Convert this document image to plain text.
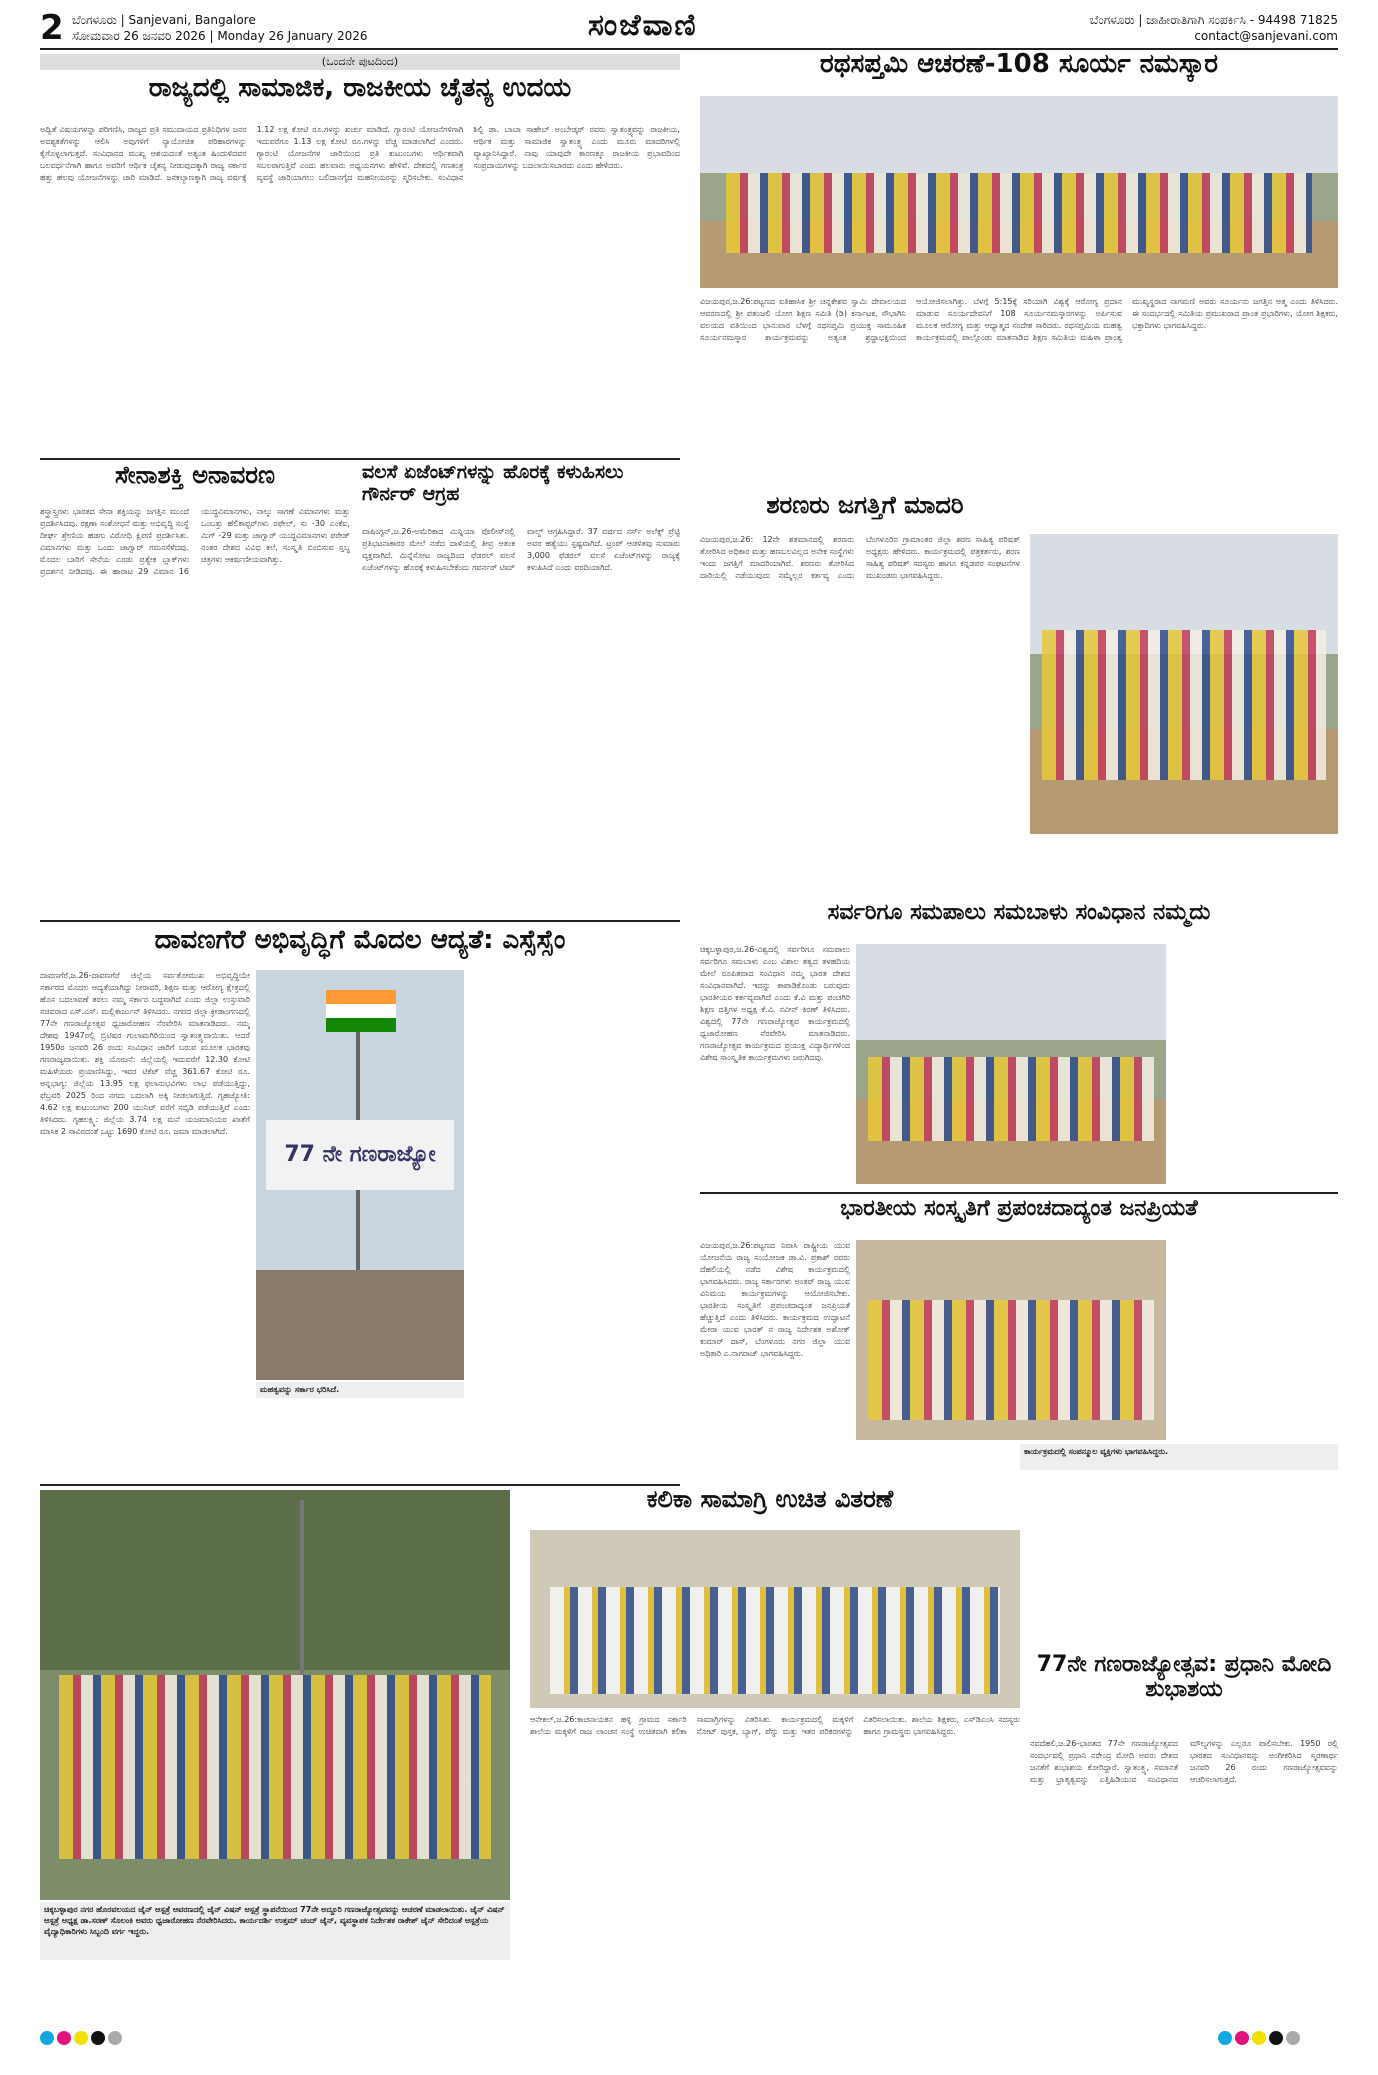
2 ಬೆಂಗಳೂರು | Sanjevani, Bangalore
ಸೋಮವಾರ 26 ಜನವರಿ 2026 | Monday 26 January 2026	ಸಂಜೆವಾಣಿ	ಬೆಂಗಳೂರು | ಜಾಹೀರಾತಿಗಾಗಿ ಸಂಪರ್ಕಿಸಿ - 94498 71825
contact@sanjevani.com
(ಒಂದನೇ ಪುಟದಿಂದ)
ರಾಜ್ಯದಲ್ಲಿ ಸಾಮಾಜಿಕ, ರಾಜಕೀಯ ಚೈತನ್ಯ ಉದಯ
ಅದ್ವಿತೆ ವಿಷಯಗಳನ್ನಾ ಪರಿಗಣಿಸಿ, ರಾಜ್ಯದ ಪ್ರತಿ ಸಮುದಾಯದ ಪ್ರತಿನಿಧಿಗಳ ಜನರ ಅವಶ್ಯಕತೆಗಳನ್ನು ಆಲಿಸಿ ಅವುಗಳಿಗೆ ನ್ಯಾಯೋಚಿತ ಪರಿಹಾರಗಳನ್ನು ಕೈಗೊಳ್ಳಲಾಗುತ್ತದೆ. ಸಂವಿಧಾನದ ಮುಖ್ಯ ಆಶಯದಂತೆ ಅತ್ಯಂತ ಹಿಂದುಳಿದವರ ಬಲವರ್ಧನೆಗಾಗಿ ಹಾಗೂ ಅವರಿಗೆ ಆರ್ಥಿಕ ಚೈತನ್ಯ ನೀಡುವುದಕ್ಕಾಗಿ ರಾಜ್ಯ ಸರ್ಕಾರ ಹತ್ತು ಹಲವು ಯೋಜನೆಗಳನ್ನು ಜಾರಿ ಮಾಡಿದೆ. ಜನಕಲ್ಯಾಣಕ್ಕಾಗಿ ರಾಜ್ಯ ವರ್ಷಕ್ಕೆ 1.12 ಲಕ್ಷ ಕೋಟಿ ರೂ.ಗಳನ್ನು ಖರ್ಚು ಮಾಡಿದೆ. ಗ್ಯಾರಂಟಿ ಯೋಜನೆಗಳಿಗಾಗಿ ಇದುವರೆಗೂ 1.13 ಲಕ್ಷ ಕೋಟಿ ರೂ.ಗಳನ್ನು ವೆಚ್ಚ ಮಾಡಲಾಗಿದೆ ಎಂದರು. ಗ್ಯಾರಂಟಿ ಯೋಜನೆಗಳ ಜಾರಿಯಿಂದ ಪ್ರತಿ ಕುಟುಂಬಗಳು ಆರ್ಥಿಕವಾಗಿ ಸಬಲರಾಗುತ್ತಿವೆ ಎಂದು ಹಲವಾರು ಅಧ್ಯಯನಗಳು ಹೇಳಿವೆ. ದೇಶದಲ್ಲಿ ಗಣತಂತ್ರ ವ್ಯವಸ್ಥೆ ಜಾರಿಯಾಗಲು ಬಲಿದಾನಗೈದ ಮಹನೀಯರನ್ನು ಸ್ಮರಿಸಬೇಕು. ಸಂವಿಧಾನ ಶಿಲ್ಪಿ ಡಾ. ಬಾಬಾ ಸಾಹೇಬ್ ಅಂಬೇಡ್ಕರ್ ರವರು ಸ್ವಾತಂತ್ರ್ಯವನ್ನು ರಾಜಕೀಯ, ಆರ್ಥಿಕ ಮತ್ತು ಸಾಮಾಜಿಕ ಸ್ವಾತಂತ್ರ್ಯ ಎಂದು ಮೂರು ಮಾದರಿಗಳಲ್ಲಿ ವ್ಯಾಖ್ಯಾನಿಸಿದ್ದಾರೆ. ನಾವು ಯಾವುದೇ ಕಾರಣಕ್ಕೂ ರಾಜಕೀಯ ಪ್ರಭಾವದಿಂದ ಸಂಪ್ರದಾಯಗಳನ್ನು ಬದಲಾಯಿಸಬಾರದು ಎಂದು ಹೇಳಿದರು.
ರಥಸಪ್ತಮಿ ಆಚರಣೆ-108 ಸೂರ್ಯ ನಮಸ್ಕಾರ
ವಿಜಯಪುರ,ಜ.26:ಪಟ್ಟಣದ ಐತಿಹಾಸಿಕ ಶ್ರೀ ಚನ್ನಕೇಶವ ಸ್ವಾಮಿ ದೇವಾಲಯದ ಆವರಣದಲ್ಲಿ ಶ್ರೀ ಪತಂಜಲಿ ಯೋಗ ಶಿಕ್ಷಣ ಸಮಿತಿ (ಡಿ) ಕರ್ನಾಟಕ, ಸೌಭಾಗಿನಿ ವಲಯದ ವತಿಯಿಂದ ಭಾನುವಾರ ಬೆಳಗ್ಗೆ ರಥಸಪ್ತಮಿ ಪ್ರಯುಕ್ತ ಸಾಮೂಹಿಕ ಸೂರ್ಯನಮಸ್ಕಾರ ಕಾರ್ಯಕ್ರಮವನ್ನು ಅತ್ಯಂತ ಶ್ರದ್ಧಾಭಕ್ತಿಯಿಂದ ಆಯೋಜಿಸಲಾಗಿತ್ತು. ಬೆಳಗ್ಗೆ 5:15ಕ್ಕೆ ಸರಿಯಾಗಿ ವಿಶ್ವಕ್ಕೆ ಆರೋಗ್ಯ ಪ್ರದಾನ ಮಾಡುವ ಸೂರ್ಯದೇವನಿಗೆ 108 ಸೂರ್ಯನಮಸ್ಕಾರಗಳನ್ನು ಅರ್ಪಿಸುವ ಮೂಲಕ ಆರೋಗ್ಯ ಮತ್ತು ಆಧ್ಯಾತ್ಮದ ಸಂದೇಶ ಸಾರಿದರು. ರಥಸಪ್ತಮಿಯ ಮಹತ್ವ ಕಾರ್ಯಕ್ರಮದಲ್ಲಿ ಪಾಲ್ಗೊಂಡು ಮಾತನಾಡಿದ ಶಿಕ್ಷಣ ಸಮಿತಿಯ ಮಹಿಳಾ ಪ್ರಾಂತ್ಯ ಮುಖ್ಯಸ್ಥರಾದ ನಾಗಮಣಿ ಅವರು ಸೂರ್ಯನು ಜಗತ್ತಿನ ಆತ್ಮ ಎಂದು ತಿಳಿಸಿದರು. ಈ ಸಂದರ್ಭದಲ್ಲಿ ಸಮಿತಿಯ ಪ್ರಮುಖರಾದ ಪ್ರಾಂತ ಪ್ರಭಾರಿಗಳು, ಯೋಗ ಶಿಕ್ಷಕರು, ಭಕ್ತಾದಿಗಳು ಭಾಗವಹಿಸಿದ್ದರು.
ಸೇನಾಶಕ್ತಿ ಅನಾವರಣ
ಶಸ್ತ್ರಾಸ್ತ್ರಗಳು ಭಾರತದ ಸೇನಾ ಶಕ್ತಿಯನ್ನು ಜಗತ್ತಿನ ಮುಂದೆ ಪ್ರದರ್ಶಿಸಿದವು. ರಕ್ಷಣಾ ಸಂಶೋಧನೆ ಮತ್ತು ಅಭಿವೃದ್ಧಿ ಸಂಸ್ಥೆ ದೀರ್ಘ ಶ್ರೇಣಿಯ ಹಡಗು ವಿರೋಧಿ ಕ್ಷಿಪಣಿ ಪ್ರದರ್ಶಿಸಿತು. ವಿಮಾನಗಳು ಮತ್ತು ಒಂದು ಜಾಗ್ವಾರ್ ಗಮನಸೆಳೆದವು. ಮೊದಲ ಬಾರಿಗೆ ಸೇನೆಯ ಎರಡು ಪ್ರತ್ಯೇಕ ಬ್ಲಾಕ್‌ಗಳು ಪ್ರದರ್ಶನ ನೀಡಿದವು. ಈ ಹಾರಾಟ 29 ವಿಮಾನ 16 ಯುದ್ಧವಿಮಾನಗಳು, ನಾಲ್ಕು ಸಾಗಣೆ ವಿಮಾನಗಳು ಮತ್ತು ಒಂಬತ್ತು ಹೆಲಿಕಾಪ್ಟರ್‌ಗಳು ರಫೇಲ್, ಸು -30 ಎಂಕೆಐ, ಮಿಗ್ -29 ಮತ್ತು ಜಾಗ್ವಾರ್ ಯುದ್ಧವಿಮಾನಗಳು ಪರೇಡ್ ನಂತರ ದೇಶದ ವಿವಿಧ ಕಲೆ, ಸಂಸ್ಕೃತಿ ಬಿಂಬಿಸುವ ಸ್ತಬ್ಧ ಚಿತ್ರಗಳು ಆಕರ್ಷಣೀಯವಾಗಿತ್ತು.
ವಲಸೆ ಏಜೆಂಟ್‌ಗಳನ್ನು ಹೊರಕ್ಕೆ ಕಳುಹಿಸಲು ಗೌರ್ನರ್ ಆಗ್ರಹ
ವಾಷಿಂಗ್ಟನ್,ಜ.26-ಅಮೆರಿಕಾದ ಮಿನ್ನಿಯಾ ಪೊಲೀಸ್‌ನಲ್ಲಿ ಪ್ರತಿಭಟನಾಕಾರರ ಮೇಲೆ ನಡೆದ ದಾಳಿಯಲ್ಲಿ ತೀವ್ರ ಆತಂಕ ವ್ಯಕ್ತವಾಗಿದೆ. ಮಿನ್ನೆಸೋಟ ರಾಜ್ಯದಿಂದ ಫೆಡರಲ್ ವಲಸೆ ಏಜೆಂಟ್‌ಗಳನ್ನು ಹೊರಕ್ಕೆ ಕಳುಹಿಸಬೇಕೆಂದು ಗವರ್ನರ್ ಟಿಮ್ ವಾಲ್ಜ್ ಆಗ್ರಹಿಸಿದ್ದಾರೆ. 37 ವರ್ಷದ ನರ್ಸ್ ಅಲೆಕ್ಸ್ ಪ್ರೆಟ್ಟಿ ಅವರ ಹತ್ಯೆಯು ಸ್ಪಷ್ಟವಾಗಿದೆ. ಟ್ರಂಪ್ ಆಡಳಿತವು ಸುಮಾರು 3,000 ಫೆಡರಲ್ ವಲಸೆ ಏಜೆಂಟ್‌ಗಳನ್ನು ರಾಜ್ಯಕ್ಕೆ ಕಳುಹಿಸಿದೆ ಎಂದು ವರದಿಯಾಗಿದೆ.
ಶರಣರು ಜಗತ್ತಿಗೆ ಮಾದರಿ
ವಿಜಯಪುರ,ಜ.26: 12ನೇ ಶತಮಾನದಲ್ಲಿ ಶರಣರು ತೋರಿಸಿದ ಅಧಿಕಾರ ಮತ್ತು ಹಣಬಲವಿಲ್ಲದ ಅನೇಕ ಸಂಸ್ಥೆಗಳು ಇಂದು ಜಗತ್ತಿಗೆ ಮಾದರಿಯಾಗಿವೆ. ಶರಣರು ತೋರಿಸಿದ ದಾರಿಯಲ್ಲಿ ನಡೆಯುವುದು ನಮ್ಮೆಲ್ಲರ ಕರ್ತವ್ಯ ಎಂದು ಬೆಂಗಳೂರಿನ ಗ್ರಾಮಾಂತರ ಜಿಲ್ಲಾ ಶರಣ ಸಾಹಿತ್ಯ ಪರಿಷತ್ ಅಧ್ಯಕ್ಷರು ಹೇಳಿದರು. ಕಾರ್ಯಕ್ರಮದಲ್ಲಿ ಪತ್ರಕರ್ತರು, ಶರಣ ಸಾಹಿತ್ಯ ಪರಿಷತ್ ಸದಸ್ಯರು ಹಾಗೂ ಕನ್ನಡಪರ ಸಂಘಟನೆಗಳ ಮುಖಂಡರು ಭಾಗವಹಿಸಿದ್ದರು.
ದಾವಣಗೆರೆ ಅಭಿವೃದ್ಧಿಗೆ ಮೊದಲ ಆದ್ಯತೆ: ಎಸ್ಸೆಸ್ಸೆಂ
ದಾವಣಗೆರೆ,ಜ.26-ದಾವಣಗೆರೆ ಜಿಲ್ಲೆಯ ಸರ್ವತೋಮುಖ ಅಭಿವೃದ್ಧಿಯೇ ಸರ್ಕಾರದ ಮೊದಲ ಆದ್ಯತೆಯಾಗಿದ್ದು ನೀರಾವರಿ, ಶಿಕ್ಷಣ ಮತ್ತು ಆರೋಗ್ಯ ಕ್ಷೇತ್ರದಲ್ಲಿ ಹೊಸ ಬದಲಾವಣೆ ತರಲು ನಮ್ಮ ಸರ್ಕಾರ ಬದ್ಧವಾಗಿದೆ ಎಂದು ಜಿಲ್ಲಾ ಉಸ್ತುವಾರಿ ಸಚಿವರಾದ ಎಸ್.ಎಸ್. ಮಲ್ಲಿಕಾರ್ಜುನ್ ತಿಳಿಸಿದರು. ನಗರದ ಜಿಲ್ಲಾ ಕ್ರೀಡಾಂಗಣದಲ್ಲಿ 77ನೇ ಗಣರಾಜ್ಯೋತ್ಸವ ಧ್ವಜಾರೋಹಣ ನೆರವೇರಿಸಿ ಮಾತನಾಡಿದರು. ನಮ್ಮ ದೇಶವು 1947ರಲ್ಲಿ ಬ್ರಿಟಿಷರ ಗುಲಾಮಗಿರಿಯಿಂದ ಸ್ವಾತಂತ್ರ್ಯವಾಯಿತು. ಆದರೆ 1950ರ ಜನವರಿ 26 ರಂದು ಸಂವಿಧಾನ ಜಾರಿಗೆ ಬರುವ ಮೂಲಕ ಭಾರತವು ಗಣರಾಜ್ಯವಾಯಿತು. ಶಕ್ತಿ ಯೋಜನೆ: ಜಿಲ್ಲೆಯಲ್ಲಿ ಇದುವರೆಗೆ 12.30 ಕೋಟಿ ಮಹಿಳೆಯರು ಪ್ರಯಾಣಿಸಿದ್ದು, ಇವರ ಟಿಕೆಟ್ ವೆಚ್ಚ 361.67 ಕೋಟಿ ರೂ. ಅನ್ನಭಾಗ್ಯ: ಜಿಲ್ಲೆಯ 13.95 ಲಕ್ಷ ಫಲಾನುಭವಿಗಳು ಲಾಭ ಪಡೆಯುತ್ತಿದ್ದು, ಫೆಬ್ರವರಿ 2025 ರಿಂದ ನಗದು ಬದಲಾಗಿ ಅಕ್ಕಿ ನೀಡಲಾಗುತ್ತಿದೆ. ಗೃಹಜ್ಯೋತಿ: 4.62 ಲಕ್ಷ ಕುಟುಂಬಗಳು 200 ಯುನಿಟ್ ವರೆಗೆ ಸಬ್ಸಿಡಿ ಪಡೆಯುತ್ತಿವೆ ಎಂದು ತಿಳಿಸಿದರು. ಗೃಹಲಕ್ಷ್ಮಿ: ಜಿಲ್ಲೆಯ 3.74 ಲಕ್ಷ ಮನೆ ಯಜಮಾನಿಯರ ಖಾತೆಗೆ ಮಾಸಿಕ 2 ಸಾವಿರದಂತೆ ಒಟ್ಟು 1690 ಕೋಟಿ ರೂ. ಜಮಾ ಮಾಡಲಾಗಿದೆ.
77 ನೇ ಗಣರಾಜ್ಯೋ
ಮಹತ್ವವನ್ನು ಸರ್ಕಾರ ಭರಿಸಿದೆ.
ಸರ್ವರಿಗೂ ಸಮಪಾಲು ಸಮಬಾಳು ಸಂವಿಧಾನ ನಮ್ಮದು
ಚಿಕ್ಕಬಳ್ಳಾಪುರ,ಜ.26-ವಿಶ್ವದಲ್ಲಿ ಸರ್ವರಿಗೂ ಸಮಪಾಲು ಸರ್ವರಿಗೂ ಸಮಬಾಳು ಎಂಬ ವಿಶಾಲ ತತ್ವದ ತಳಹದಿಯ ಮೇಲೆ ರೂಪಿತವಾದ ಸಂವಿಧಾನ ನಮ್ಮ ಭಾರತ ದೇಶದ ಸಂವಿಧಾನವಾಗಿದೆ. ಇದನ್ನು ಕಾಪಾಡಿಕೊಂಡು ಬರುವುದು ಭಾರತೀಯರ ಕರ್ತವ್ಯವಾಗಿದೆ ಎಂದು ಕೆ.ವಿ ಮತ್ತು ಪಂಚಗಿರಿ ಶಿಕ್ಷಣ ದತ್ತಿಗಳ ಅಧ್ಯಕ್ಷ ಕೆ.ವಿ. ನವೀನ್ ಕಿರಣ್ ತಿಳಿಸಿದರು. ವಿಶ್ವದಲ್ಲಿ 77ನೇ ಗಣರಾಜ್ಯೋತ್ಸವ ಕಾರ್ಯಕ್ರಮದಲ್ಲಿ ಧ್ವಜಾರೋಹಣ ನೆರವೇರಿಸಿ ಮಾತನಾಡಿದರು. ಗಣರಾಜ್ಯೋತ್ಸವ ಕಾರ್ಯಕ್ರಮದ ಪ್ರಯುಕ್ತ ವಿದ್ಯಾರ್ಥಿಗಳಿಂದ ವಿಶೇಷ ಸಾಂಸ್ಕೃತಿಕ ಕಾರ್ಯಕ್ರಮಗಳು ಜರುಗಿದವು.
ಭಾರತೀಯ ಸಂಸ್ಕೃತಿಗೆ ಪ್ರಪಂಚದಾದ್ಯಂತ ಜನಪ್ರಿಯತೆ
ವಿಜಯಪುರ,ಜ.26:ಪಟ್ಟಣದ ನಿವಾಸಿ ರಾಷ್ಟ್ರೀಯ ಯುವ ಯೋಜನೆಯ ರಾಜ್ಯ ಸಂಯೋಜಕ ಡಾ.ವಿ. ಪ್ರಕಾಶ್ ರವರು ದೆಹಲಿಯಲ್ಲಿ ನಡೆದ ವಿಶೇಷ ಕಾರ್ಯಕ್ರಮದಲ್ಲಿ ಭಾಗವಹಿಸಿದರು. ರಾಜ್ಯ ಸರ್ಕಾರಗಳು ಅಂತರ್ ರಾಜ್ಯ ಯುವ ವಿನಿಮಯ ಕಾರ್ಯಕ್ರಮಗಳನ್ನು ಆಯೋಜಿಸಬೇಕು. ಭಾರತೀಯ ಸಂಸ್ಕೃತಿಗೆ ಪ್ರಪಂಚದಾದ್ಯಂತ ಜನಪ್ರಿಯತೆ ಹೆಚ್ಚುತ್ತಿದೆ ಎಂದು ತಿಳಿಸಿದರು. ಕಾರ್ಯಕ್ರಮದ ಉದ್ಘಾಟನೆ ಮೇರಾ ಯುವ ಭಾರತ್ ನ ರಾಜ್ಯ ನಿರ್ದೇಶಕ ಅಶೋಕ್ ಕುಮಾರ್ ದಾಸ್, ಬೆಂಗಳೂರು ನಗರ ಜಿಲ್ಲಾ ಯುವ ಅಧಿಕಾರಿ ಎ.ನಾಗರಾಜ್ ಭಾಗವಹಿಸಿದ್ದರು.
ಕಾರ್ಯಕ್ರಮದಲ್ಲಿ ಸಂಪನ್ಮೂಲ ವ್ಯಕ್ತಿಗಳು ಭಾಗವಹಿಸಿದ್ದರು.
ಚಿಕ್ಕಬಳ್ಳಾಪುರ ನಗರ ಹೊರವಲಯದ ಜೈನ್ ಆಸ್ಪತ್ರೆ ಆವರಣದಲ್ಲಿ ಜೈನ್ ವಿಷನ್ ಆಸ್ಪತ್ರೆ ಸ್ಥಾಪನೆಯಿಂದ 77ನೇ ಅದ್ದೂರಿ ಗಣರಾಜ್ಯೋತ್ಸವವನ್ನು ಆಚರಣೆ ಮಾಡಲಾಯಿತು. ಜೈನ್ ವಿಷನ್ ಆಸ್ಪತ್ರೆ ಅಧ್ಯಕ್ಷ ಡಾ.ಸರಣ್ ಸೊಲಂಕಿ ಅವರು ಧ್ವಜಾರೋಹಣ ನೆರವೇರಿಸಿದರು. ಕಾರ್ಯದರ್ಶಿ ಉತ್ತಮ್ ಚಂದ್ ಜೈನ್, ವ್ಯವಸ್ಥಾಪಕ ನಿರ್ದೇಶಕ ರಾಕೇಶ್ ಜೈನ್ ಸೇರಿದಂತೆ ಆಸ್ಪತ್ರೆಯ ವೈದ್ಯಾಧಿಕಾರಿಗಳು ಸಿಬ್ಬಂದಿ ವರ್ಗ ಇದ್ದರು.
ಕಲಿಕಾ ಸಾಮಾಗ್ರಿ ಉಚಿತ ವಿತರಣೆ
ಆನೇಕಲ್,ಜ.26:ಕಾಚನಾಯಕನ ಹಳ್ಳಿ ಗ್ರಾಮದ ಸರ್ಕಾರಿ ಶಾಲೆಯ ಮಕ್ಕಳಿಗೆ ರಾಜ ಲಾಂಚನ ಸಂಸ್ಥೆ ಉಚಿತವಾಗಿ ಕಲಿಕಾ ಸಾಮಾಗ್ರಿಗಳನ್ನು ವಿತರಿಸಿತು. ಕಾರ್ಯಕ್ರಮದಲ್ಲಿ ಮಕ್ಕಳಿಗೆ ನೋಟ್ ಪುಸ್ತಕ, ಬ್ಯಾಗ್, ಪೆನ್ನು ಮತ್ತು ಇತರ ಪರಿಕರಗಳನ್ನು ವಿತರಿಸಲಾಯಿತು. ಶಾಲೆಯ ಶಿಕ್ಷಕರು, ಎಸ್‌ಡಿಎಂಸಿ ಸದಸ್ಯರು ಹಾಗೂ ಗ್ರಾಮಸ್ಥರು ಭಾಗವಹಿಸಿದ್ದರು.
77ನೇ ಗಣರಾಜ್ಯೋತ್ಸವ: ಪ್ರಧಾನಿ ಮೋದಿ ಶುಭಾಶಯ
ನವದೆಹಲಿ,ಜ.26-ಭಾರತದ 77ನೇ ಗಣರಾಜ್ಯೋತ್ಸವದ ಸಂದರ್ಭದಲ್ಲಿ ಪ್ರಧಾನಿ ನರೇಂದ್ರ ಮೋದಿ ಅವರು ದೇಶದ ಜನತೆಗೆ ಶುಭಾಶಯ ಕೋರಿದ್ದಾರೆ. ಸ್ವಾತಂತ್ರ್ಯ, ಸಮಾನತೆ ಮತ್ತು ಭ್ರಾತೃತ್ವವನ್ನು ಎತ್ತಿಹಿಡಿಯುವ ಸಂವಿಧಾನದ ಮೌಲ್ಯಗಳನ್ನು ಎಲ್ಲರೂ ಪಾಲಿಸಬೇಕು. 1950 ರಲ್ಲಿ ಭಾರತದ ಸಂವಿಧಾನವನ್ನು ಅಂಗೀಕರಿಸಿದ ಸ್ಮರಣಾರ್ಥ ಜನವರಿ 26 ರಂದು ಗಣರಾಜ್ಯೋತ್ಸವವನ್ನು ಆಚರಿಸಲಾಗುತ್ತದೆ.
